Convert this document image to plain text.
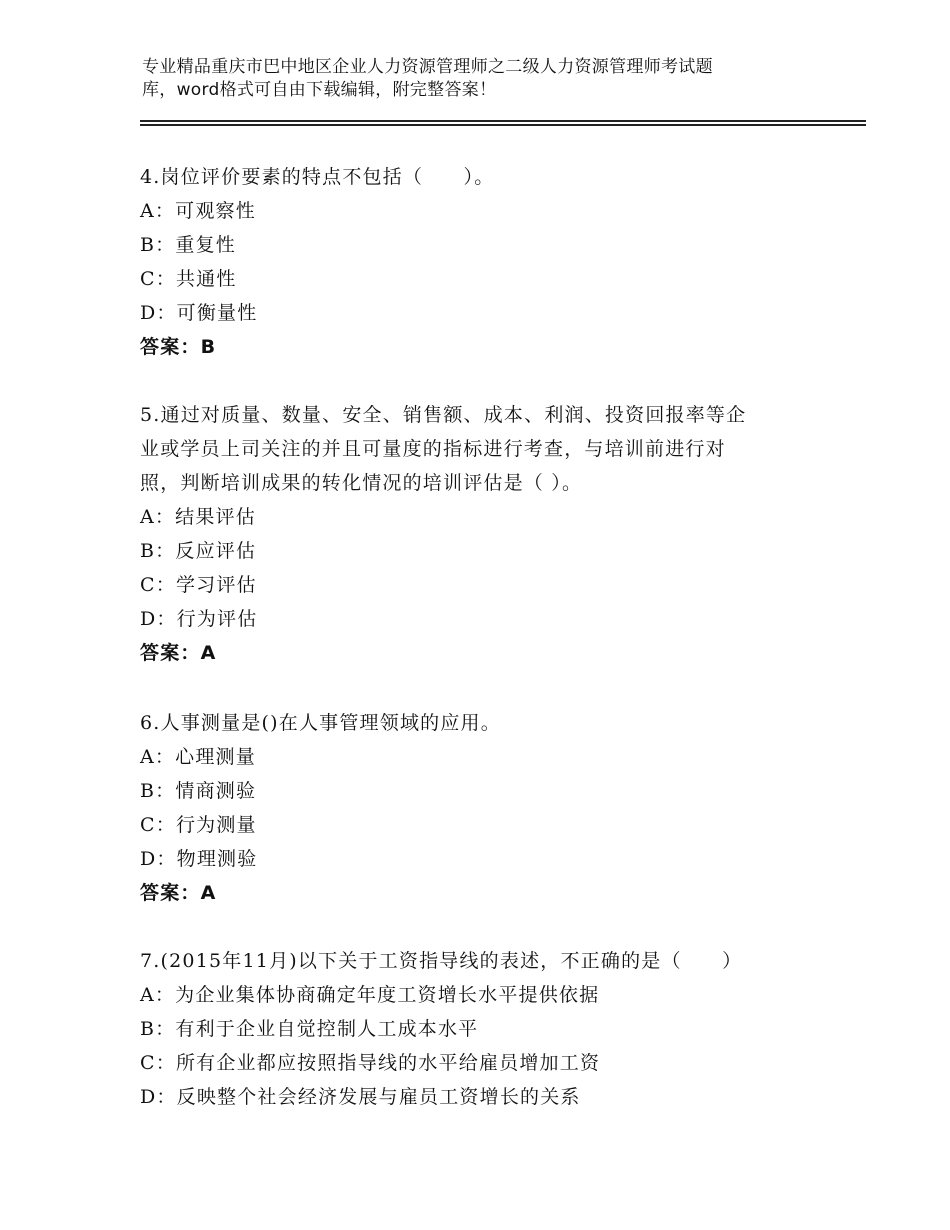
专业精品重庆市巴中地区企业人力资源管理师之二级人力资源管理师考试题
库，word格式可自由下载编辑，附完整答案！
4.岗位评价要素的特点不包括（　　）。
A：可观察性
B：重复性
C：共通性
D：可衡量性
答案：B
5.通过对质量、数量、安全、销售额、成本、利润、投资回报率等企
业或学员上司关注的并且可量度的指标进行考查，与培训前进行对
照，判断培训成果的转化情况的培训评估是（ ）。
A：结果评估
B：反应评估
C：学习评估
D：行为评估
答案：A
6.人事测量是()在人事管理领域的应用。
A：心理测量
B：情商测验
C：行为测量
D：物理测验
答案：A
7.(2015年11月)以下关于工资指导线的表述，不正确的是（　　）
A：为企业集体协商确定年度工资增长水平提供依据
B：有利于企业自觉控制人工成本水平
C：所有企业都应按照指导线的水平给雇员增加工资
D：反映整个社会经济发展与雇员工资增长的关系
